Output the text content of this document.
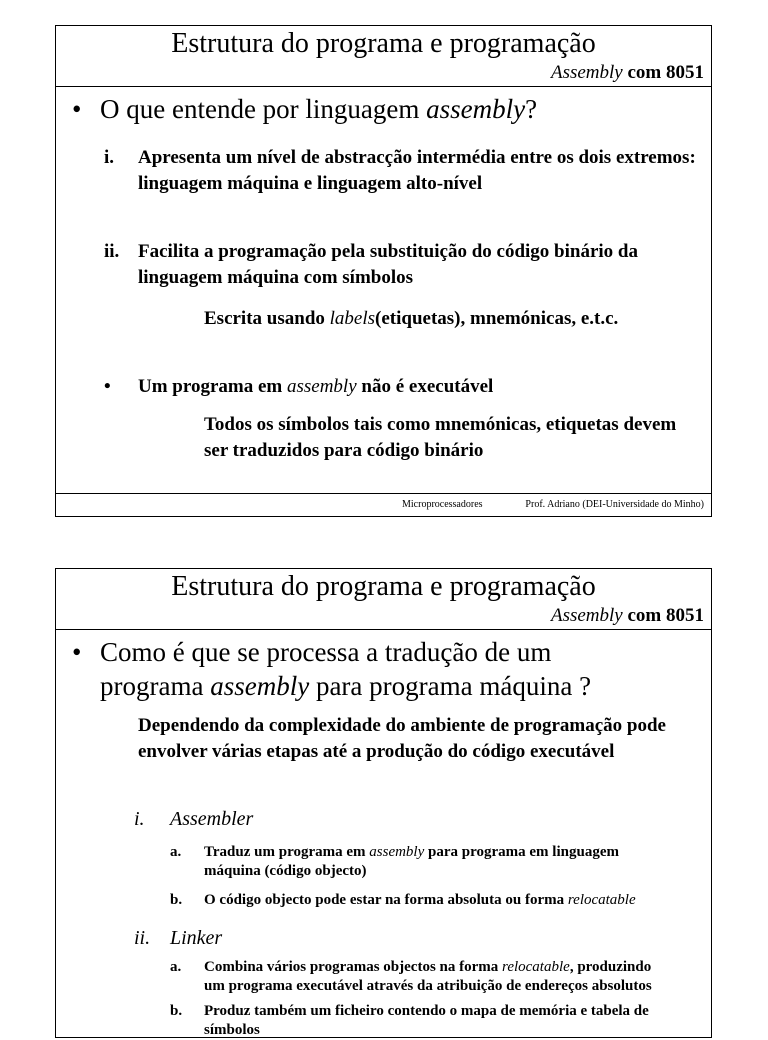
Estrutura do programa e programação
Assembly com 8051
• O que entende por linguagem assembly?
i. Apresenta um nível de abstracção intermédia entre os dois extremos: linguagem máquina e linguagem alto-nível
ii. Facilita a programação pela substituição do código binário da linguagem máquina com símbolos
Escrita usando labels(etiquetas), mnemónicas, e.t.c.
• Um programa em assembly não é executável
Todos os símbolos tais como mnemónicas, etiquetas devem ser traduzidos para código binário
Microprocessadores	Prof. Adriano (DEI-Universidade do Minho)
Estrutura do programa e programação
Assembly com 8051
• Como é que se processa a tradução de um
programa assembly para programa máquina ?
Dependendo da complexidade do ambiente de programação pode envolver várias etapas até a produção do código executável
i. Assembler
a. Traduz um programa em assembly para programa em linguagem máquina (código objecto)
b. O código objecto pode estar na forma absoluta ou forma relocatable
ii. Linker
a. Combina vários programas objectos na forma relocatable, produzindo um programa executável através da atribuição de endereços absolutos
b. Produz também um ficheiro contendo o mapa de memória e tabela de símbolos
